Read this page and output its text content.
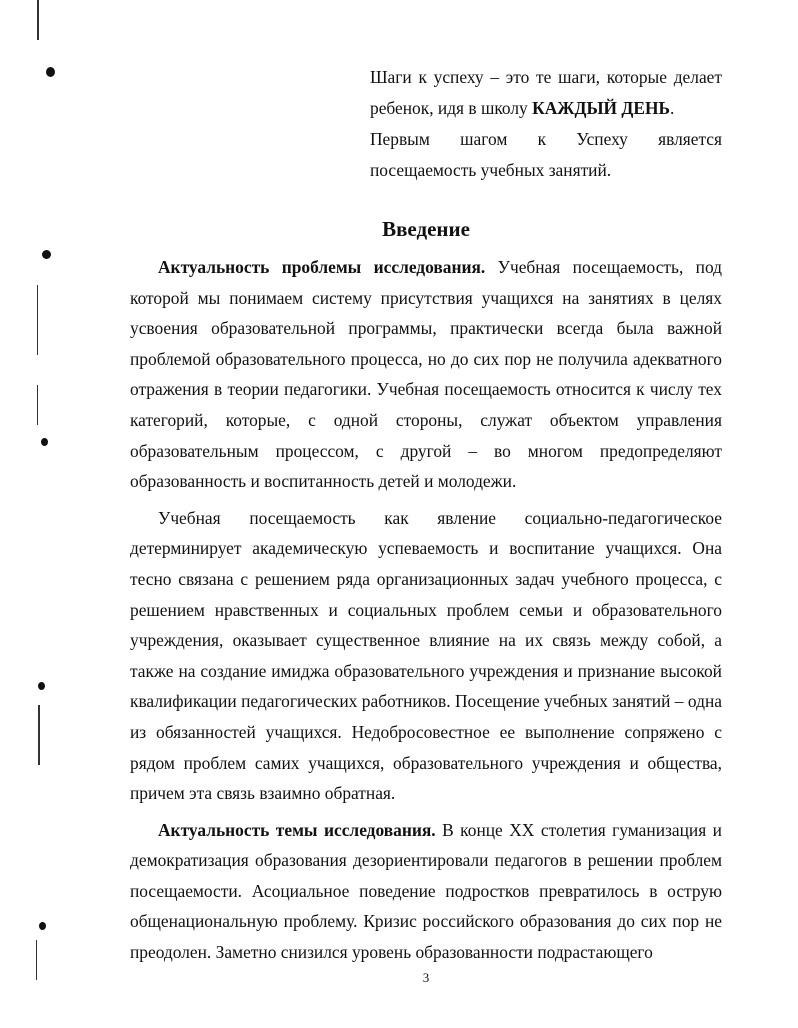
Шаги к успеху – это те шаги, которые делает ребенок, идя в школу КАЖДЫЙ ДЕНЬ.

Первым шагом к Успеху является посещаемость учебных занятий.

Введение

Актуальность проблемы исследования. Учебная посещаемость, под которой мы понимаем систему присутствия учащихся на занятиях в целях усвоения образовательной программы, практически всегда была важной проблемой образовательного процесса, но до сих пор не получила адекватного отражения в теории педагогики. Учебная посещаемость относится к числу тех категорий, которые, с одной стороны, служат объектом управления образовательным процессом, с другой – во многом предопределяют образованность и воспитанность детей и молодежи.

Учебная посещаемость как явление социально-педагогическое детерминирует академическую успеваемость и воспитание учащихся. Она тесно связана с решением ряда организационных задач учебного процесса, с решением нравственных и социальных проблем семьи и образовательного учреждения, оказывает существенное влияние на их связь между собой, а также на создание имиджа образовательного учреждения и признание высокой квалификации педагогических работников. Посещение учебных занятий – одна из обязанностей учащихся. Недобросовестное ее выполнение сопряжено с рядом проблем самих учащихся, образовательного учреждения и общества, причем эта связь взаимно обратная.

Актуальность темы исследования. В конце XX столетия гуманизация и демократизация образования дезориентировали педагогов в решении проблем посещаемости. Асоциальное поведение подростков превратилось в острую общенациональную проблему. Кризис российского образования до сих пор не преодолен. Заметно снизился уровень образованности подрастающего

3
